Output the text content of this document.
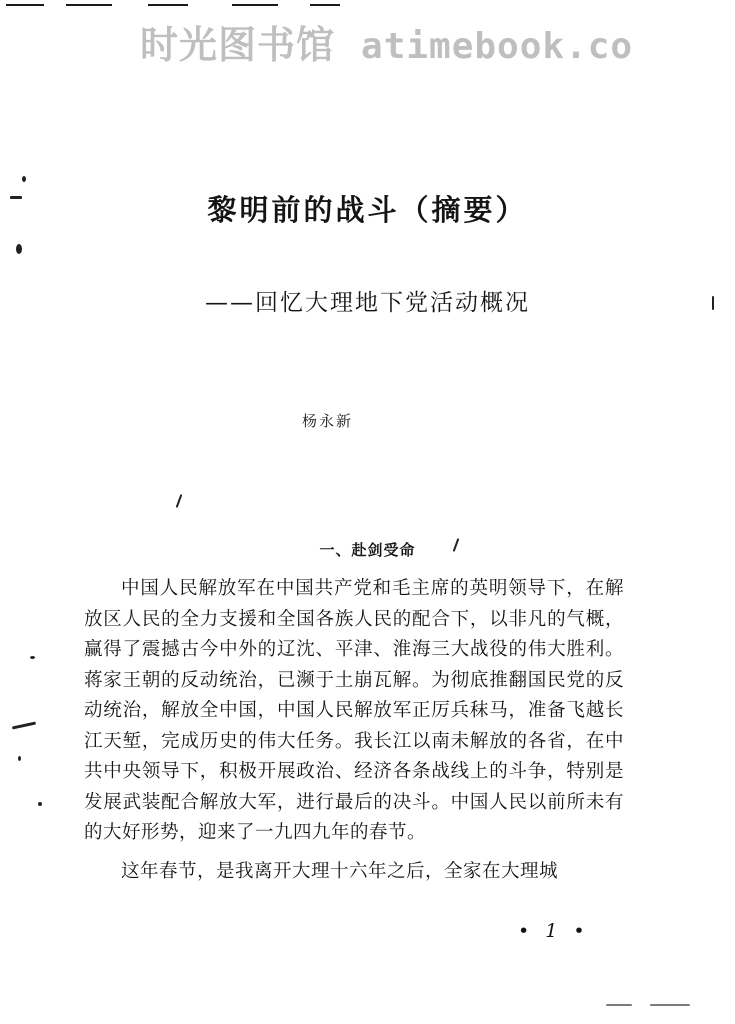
时光图书馆 atimebook.co
黎明前的战斗（摘要）
——回忆大理地下党活动概况
杨永新
一、赴剑受命

中国人民解放军在中国共产党和毛主席的英明领导下，在解放区人民的全力支援和全国各族人民的配合下，以非凡的气概，赢得了震撼古今中外的辽沈、平津、淮海三大战役的伟大胜利。蒋家王朝的反动统治，已濒于土崩瓦解。为彻底推翻国民党的反动统治，解放全中国，中国人民解放军正厉兵秣马，准备飞越长江天堑，完成历史的伟大任务。我长江以南未解放的各省，在中共中央领导下，积极开展政治、经济各条战线上的斗争，特别是发展武装配合解放大军，进行最后的决斗。中国人民以前所未有的大好形势，迎来了一九四九年的春节。

这年春节，是我离开大理十六年之后，全家在大理城

• 1 •
